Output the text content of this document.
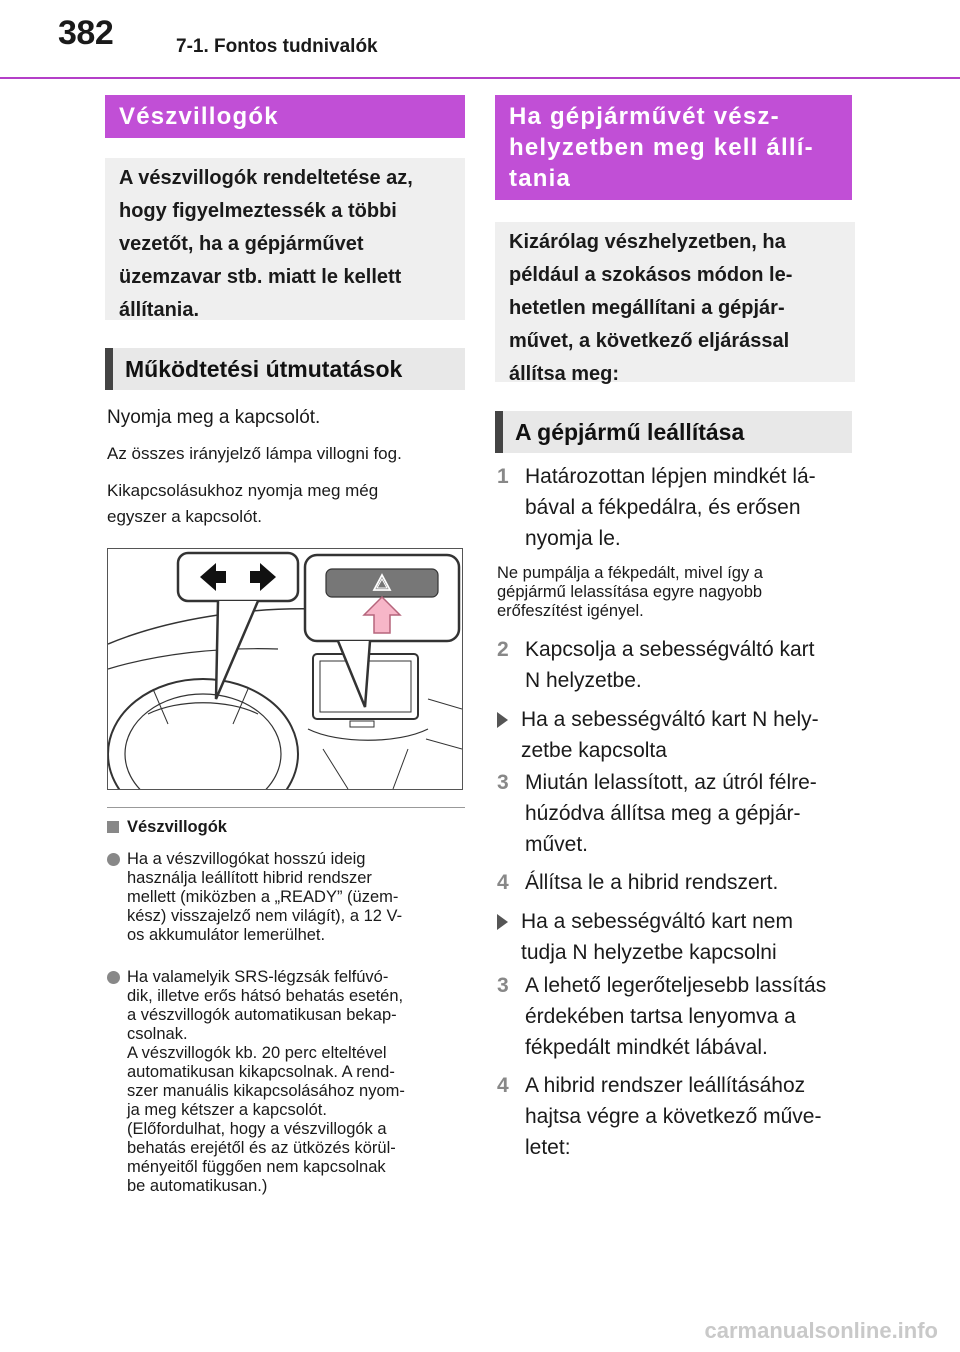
382	7-1. Fontos tudnivalók
Vészvillogók
A vészvillogók rendeltetése az,
hogy figyelmeztessék a többi
vezetőt, ha a gépjárművet
üzemzavar stb. miatt le kellett
állítania.
Működtetési útmutatások
Nyomja meg a kapcsolót.
Az összes irányjelző lámpa villogni fog.
Kikapcsolásukhoz nyomja meg még
egyszer a kapcsolót.
Vészvillogók
Ha a vészvillogókat hosszú ideig
használja leállított hibrid rendszer
mellett (miközben a „READY” (üzem-
kész) visszajelző nem világít), a 12 V-
os akkumulátor lemerülhet.
Ha valamelyik SRS-légzsák felfúvó-
dik, illetve erős hátsó behatás esetén,
a vészvillogók automatikusan bekap-
csolnak.
A vészvillogók kb. 20 perc elteltével
automatikusan kikapcsolnak. A rend-
szer manuális kikapcsolásához nyom-
ja meg kétszer a kapcsolót.
(Előfordulhat, hogy a vészvillogók a
behatás erejétől és az ütközés körül-
ményeitől függően nem kapcsolnak
be automatikusan.)
Ha gépjárművét vész-
helyzetben meg kell állí-
tania
Kizárólag vészhelyzetben, ha
például a szokásos módon le-
hetetlen megállítani a gépjár-
művet, a következő eljárással
állítsa meg:
A gépjármű leállítása
1 Határozottan lépjen mindkét lá-
bával a fékpedálra, és erősen
nyomja le.
Ne pumpálja a fékpedált, mivel így a
gépjármű lelassítása egyre nagyobb
erőfeszítést igényel.
2 Kapcsolja a sebességváltó kart
N helyzetbe.
Ha a sebességváltó kart N hely-
zetbe kapcsolta
3 Miután lelassított, az útról félre-
húzódva állítsa meg a gépjár-
művet.
4 Állítsa le a hibrid rendszert.
Ha a sebességváltó kart nem
tudja N helyzetbe kapcsolni
3 A lehető legerőteljesebb lassítás
érdekében tartsa lenyomva a
fékpedált mindkét lábával.
4 A hibrid rendszer leállításához
hajtsa végre a következő műve-
letet:
carmanualsonline.info
